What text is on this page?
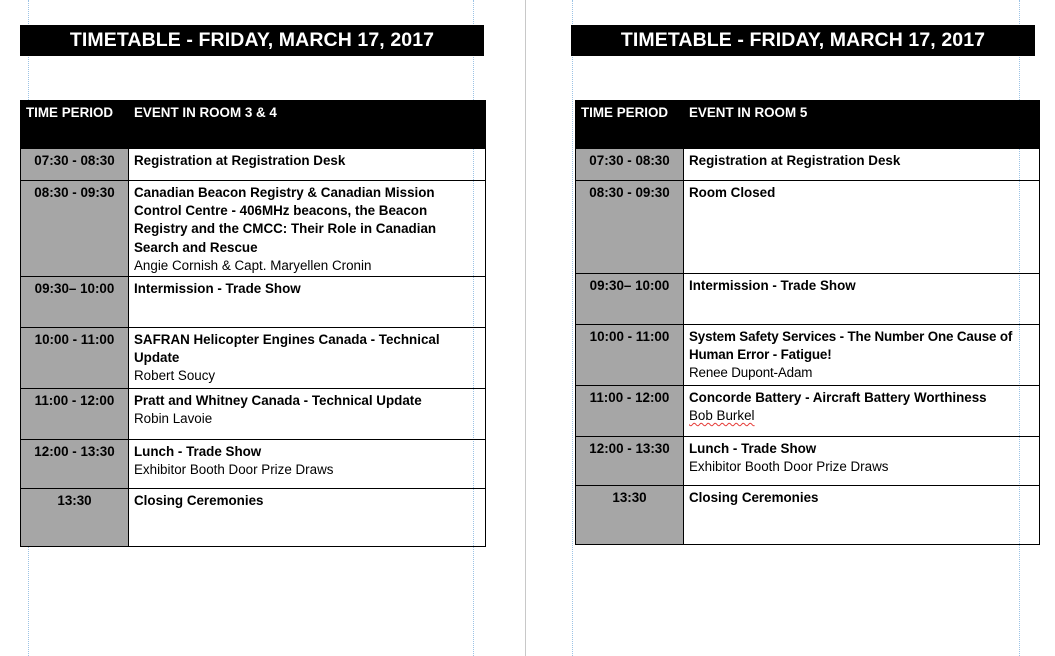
TIMETABLE - FRIDAY, MARCH 17, 2017
TIME PERIOD	EVENT IN ROOM 3 & 4
07:30 - 08:30	Registration at Registration Desk

08:30 - 09:30	Canadian Beacon Registry & Canadian Mission Control Centre - 406MHz beacons, the Beacon Registry and the CMCC: Their Role in Canadian Search and Rescue
Angie Cornish & Capt. Maryellen Cronin

09:30– 10:00	Intermission - Trade Show

10:00 - 11:00	SAFRAN Helicopter Engines Canada - Technical Update
Robert Soucy

11:00 - 12:00	Pratt and Whitney Canada - Technical Update
Robin Lavoie

12:00 - 13:30	Lunch - Trade Show
Exhibitor Booth Door Prize Draws

13:30	Closing Ceremonies
TIMETABLE - FRIDAY, MARCH 17, 2017
TIME PERIOD	EVENT IN ROOM 5
07:30 - 08:30	Registration at Registration Desk

08:30 - 09:30	Room Closed

09:30– 10:00	Intermission - Trade Show

10:00 - 11:00	System Safety Services - The Number One Cause of Human Error - Fatigue!
Renee Dupont-Adam

11:00 - 12:00	Concorde Battery - Aircraft Battery Worthiness
Bob Burkel

12:00 - 13:30	Lunch - Trade Show
Exhibitor Booth Door Prize Draws

13:30	Closing Ceremonies
